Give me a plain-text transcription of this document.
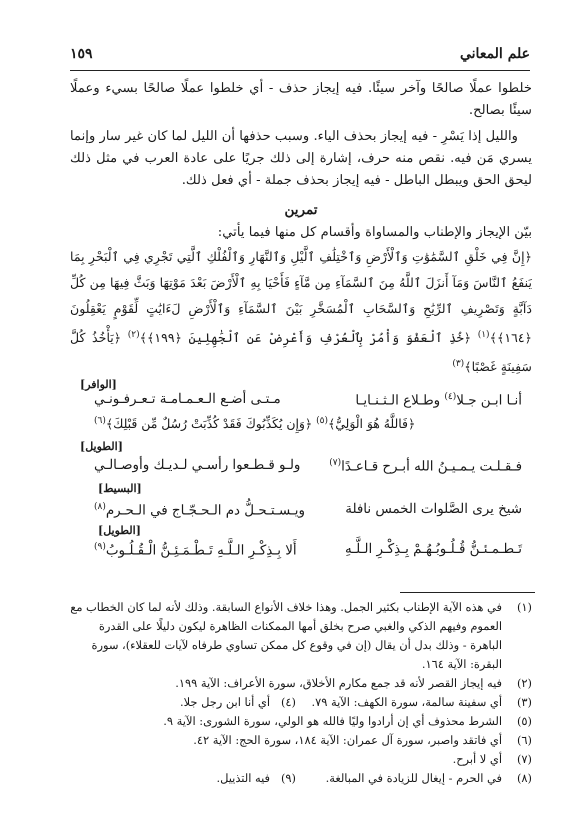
علم المعاني
١٥٩

خلطوا عملًا صالحًا وآخر سيئًا. فيه إيجاز حذف - أي خلطوا عملًا صالحًا بسيء وعملًا سيئًا بصالح.

والليل إذا يَسْرِ - فيه إيجاز بحذف الياء. وسبب حذفها أن الليل لما كان غير سار وإنما يسري مَن فيه. نقص منه حرف، إشارة إلى ذلك جريًا على عادة العرب في مثل ذلك ليحق الحق ويبطل الباطل - فيه إيجاز بحذف جملة - أي فعل ذلك.

تمرين

بيّن الإيجاز والإطناب والمساواة وأقسام كل منها فيما يأتي:

﴿إِنَّ فِي خَلْقِ ٱلسَّمَٰوَٰتِ وَٱلْأَرْضِ وَٱخْتِلَٰفِ ٱلَّيْلِ وَٱلنَّهَارِ وَٱلْفُلْكِ ٱلَّتِي تَجْرِي فِي ٱلْبَحْرِ بِمَا يَنفَعُ ٱلنَّاسَ وَمَآ أَنزَلَ ٱللَّهُ مِنَ ٱلسَّمَآءِ مِن مَّآءٍ فَأَحْيَا بِهِ ٱلْأَرْضَ بَعْدَ مَوْتِهَا وَبَثَّ فِيهَا مِن كُلِّ دَآبَّةٍ وَتَصْرِيفِ ٱلرِّيَٰحِ وَٱلسَّحَابِ ٱلْمُسَخَّرِ بَيْنَ ٱلسَّمَآءِ وَٱلْأَرْضِ لَءَايَٰتٍ لِّقَوْمٍ يَعْقِلُونَ ﴿١٦٤﴾﴾$^{(١)}$ ﴿خُذِ ٱلْعَفْوَ وَأْمُرْ بِٱلْعُرْفِ وَأَعْرِضْ عَنِ ٱلْجَٰهِلِينَ ﴿١٩٩﴾﴾$^{(٢)}$ ﴿يَأْخُذُ كُلَّ سَفِينَةٍ غَصْبًا﴾$^{(٣)}$

[الوافر]
أنـا ابـن جـلا$^{(٤)}$ وطـلاع الـثـنـايـا
مـتـى أضـع الـعـمـامـة تـعـرفـونـي
﴿فَاللَّهُ هُوَ الْوَلِيُّ﴾$^{(٥)}$ ﴿وَإِن يُكَذِّبُوكَ فَقَدْ كُذِّبَتْ رُسُلٌ مِّن قَبْلِكَ﴾$^{(٦)}$
[الطويل]
فـقـلـت يـمـيـنُ الله أبـرح قـاعـدًا$^{(٧)}$
ولـو قـطـعوا رأسـي لـديـك وأوصـالـي
[البسيط]
شيخ يرى الصَّلوات الخمس نافلة
ويـسـتـحـلُّ دم الـحـجّـاج في الـحـرم$^{(٨)}$
[الطويل]
تَـطـمـئـنُّ قُـلُـوبُـهُـمْ بِـذِكْـرِ الـلَّـهِ
أَلا بِـذِكْـرِ الـلَّـهِ تَـطْـمَـئِـنُّ الْـقُـلُـوبُ$^{(٩)}$

(١)
في هذه الآية الإطناب بكثير الجمل. وهذا خلاف الأنواع السابقة. وذلك لأنه لما كان الخطاب مع العموم وفيهم الذكي والغبي صرح بخلق أمها الممكنات الظاهرة ليكون دليلًا على القدرة الباهرة - وذلك بدل أن يقال (إن في وقوع كل ممكن تساوي طرفاه لآيات للعقلاء)، سورة البقرة: الآية ١٦٤.

(٢)
فيه إيجاز القصر لأنه قد جمع مكارم الأخلاق، سورة الأعراف: الآية ١٩٩.

(٣)
أي سفينة سالمة، سورة الكهف: الآية ٧٩.
(٤)
أي أنا ابن رجل جلا.

(٥)
الشرط محذوف أي إن أرادوا وليًا فالله هو الولي، سورة الشورى: الآية ٩.

(٦)
أي فاتقد واصبر، سورة آل عمران: الآية ١٨٤، سورة الحج: الآية ٤٢.

(٧)
أي لا أبرح.

(٨)
في الحرم - إيغال للزيادة في المبالغة.
(٩)
فيه التذييل.
